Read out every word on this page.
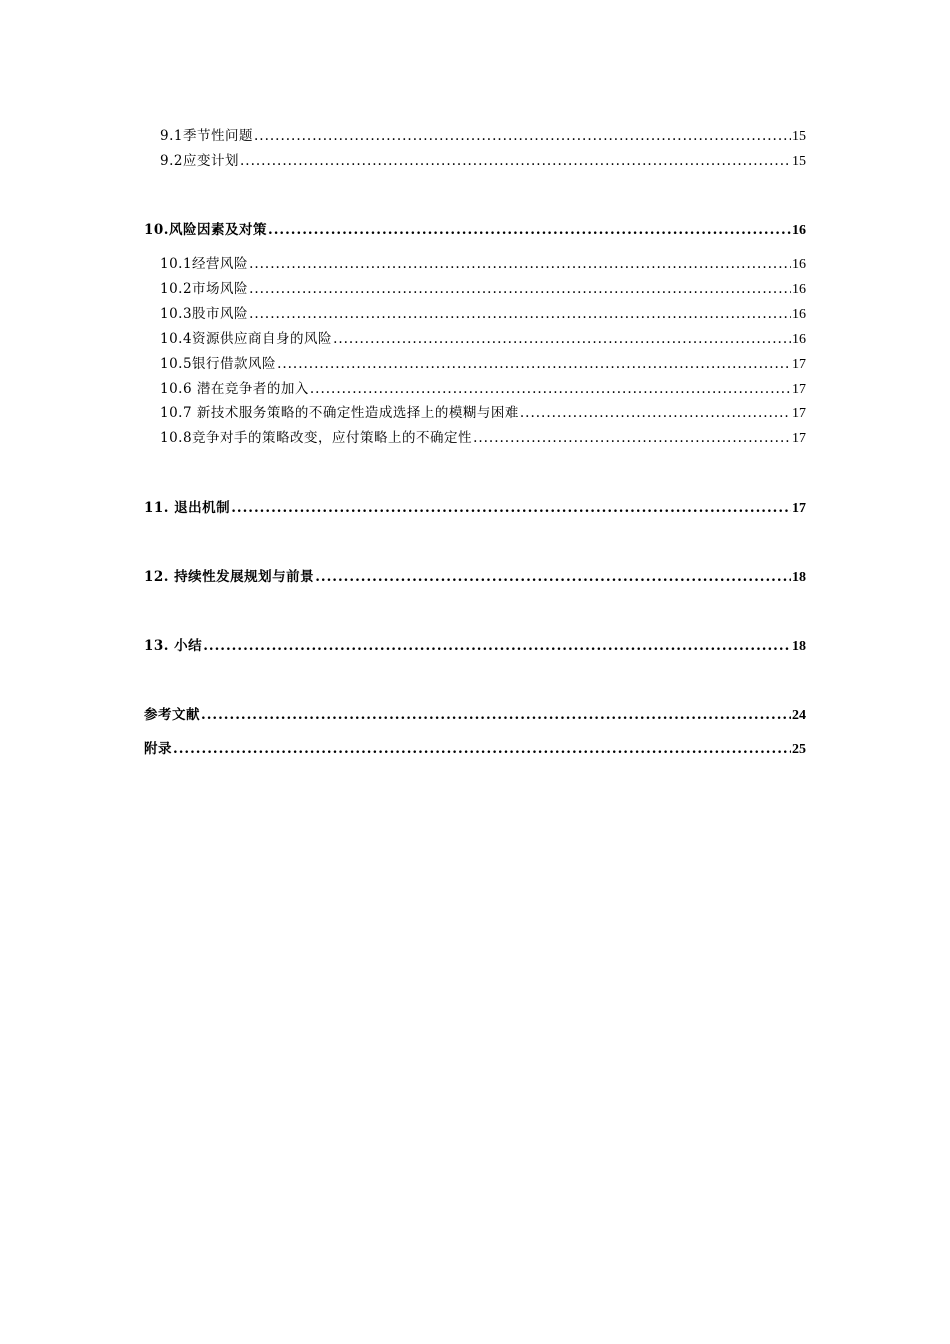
9.1季节性问题 .....	15
9.2应变计划 .....	15
10.风险因素及对策 .....	16
10.1经营风险 .....	16
10.2市场风险 .....	16
10.3股市风险 .....	16
10.4资源供应商自身的风险 .....	16
10.5银行借款风险 .....	17
10.6 潜在竞争者的加入 .....	17
10.7 新技术服务策略的不确定性造成选择上的模糊与困难 .....	17
10.8竞争对手的策略改变，应付策略上的不确定性 .....	17
11. 退出机制 .....	17
12. 持续性发展规划与前景 .....	18
13. 小结 .....	18
参考文献 .....	24
附录 .....	25
